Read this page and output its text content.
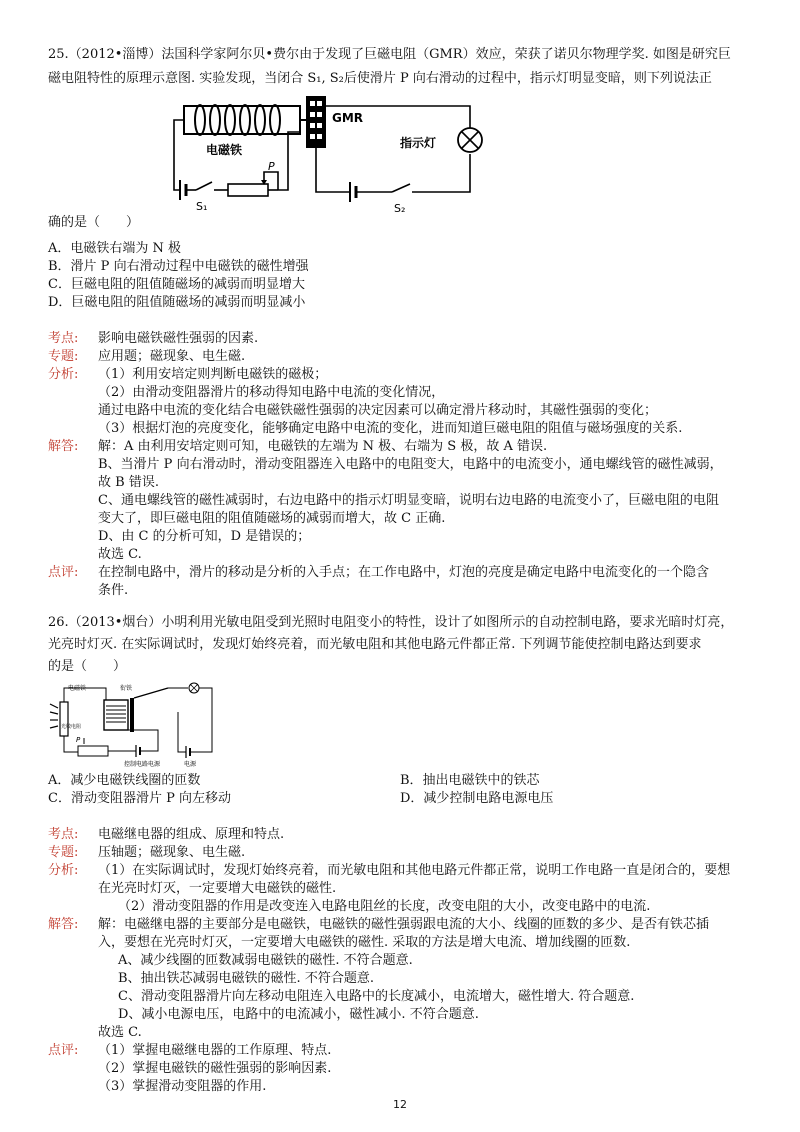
25.（2012•淄博）法国科学家阿尔贝•费尔由于发现了巨磁电阻（GMR）效应，荣获了诺贝尔物理学奖. 如图是研究巨
磁电阻特性的原理示意图. 实验发现，当闭合 S₁, S₂后使滑片 P 向右滑动的过程中，指示灯明显变暗，则下列说法正
GMR
电磁铁
P
S₁	S₂
指示灯
确的是（　　）
A．电磁铁右端为 N 极
B．滑片 P 向右滑动过程中电磁铁的磁性增强
C．巨磁电阻的阻值随磁场的减弱而明显增大
D．巨磁电阻的阻值随磁场的减弱而明显减小
考点: 影响电磁铁磁性强弱的因素.
专题: 应用题；磁现象、电生磁.
分析: （1）利用安培定则判断电磁铁的磁极；
（2）由滑动变阻器滑片的移动得知电路中电流的变化情况，
通过电路中电流的变化结合电磁铁磁性强弱的决定因素可以确定滑片移动时，其磁性强弱的变化；
（3）根据灯泡的亮度变化，能够确定电路中电流的变化，进而知道巨磁电阻的阻值与磁场强度的关系.
解答: 解：A 由利用安培定则可知，电磁铁的左端为 N 极、右端为 S 极，故 A 错误.
B、当滑片 P 向右滑动时，滑动变阻器连入电路中的电阻变大，电路中的电流变小，通电螺线管的磁性减弱，
故 B 错误.
C、通电螺线管的磁性减弱时，右边电路中的指示灯明显变暗，说明右边电路的电流变小了，巨磁电阻的电阻
变大了，即巨磁电阻的阻值随磁场的减弱而增大，故 C 正确.
D、由 C 的分析可知，D 是错误的；
故选 C.
点评: 在控制电路中，滑片的移动是分析的入手点；在工作电路中，灯泡的亮度是确定电路中电流变化的一个隐含
条件.
26.（2013•烟台）小明利用光敏电阻受到光照时电阻变小的特性，设计了如图所示的自动控制电路，要求光暗时灯亮，
光亮时灯灭. 在实际调试时，发现灯始终亮着，而光敏电阻和其他电路元件都正常. 下列调节能使控制电路达到要求
的是（　　）
光敏电阻
电磁铁	衔铁
电源
P
控制电路电源
A．减少电磁铁线圈的匝数	B．抽出电磁铁中的铁芯
C．滑动变阻器滑片 P 向左移动	D．减少控制电路电源电压
考点: 电磁继电器的组成、原理和特点.
专题: 压轴题；磁现象、电生磁.
分析: （1）在实际调试时，发现灯始终亮着，而光敏电阻和其他电路元件都正常，说明工作电路一直是闭合的，要想
在光亮时灯灭，一定要增大电磁铁的磁性.
（2）滑动变阻器的作用是改变连入电路电阻丝的长度，改变电阻的大小，改变电路中的电流.
解答: 解：电磁继电器的主要部分是电磁铁，电磁铁的磁性强弱跟电流的大小、线圈的匝数的多少、是否有铁芯插
入，要想在光亮时灯灭，一定要增大电磁铁的磁性. 采取的方法是增大电流、增加线圈的匝数.
A、减少线圈的匝数减弱电磁铁的磁性. 不符合题意.
B、抽出铁芯减弱电磁铁的磁性. 不符合题意.
C、滑动变阻器滑片向左移动电阻连入电路中的长度减小，电流增大，磁性增大. 符合题意.
D、减小电源电压，电路中的电流减小，磁性减小. 不符合题意.
故选 C.
点评: （1）掌握电磁继电器的工作原理、特点.
（2）掌握电磁铁的磁性强弱的影响因素.
（3）掌握滑动变阻器的作用.
12
